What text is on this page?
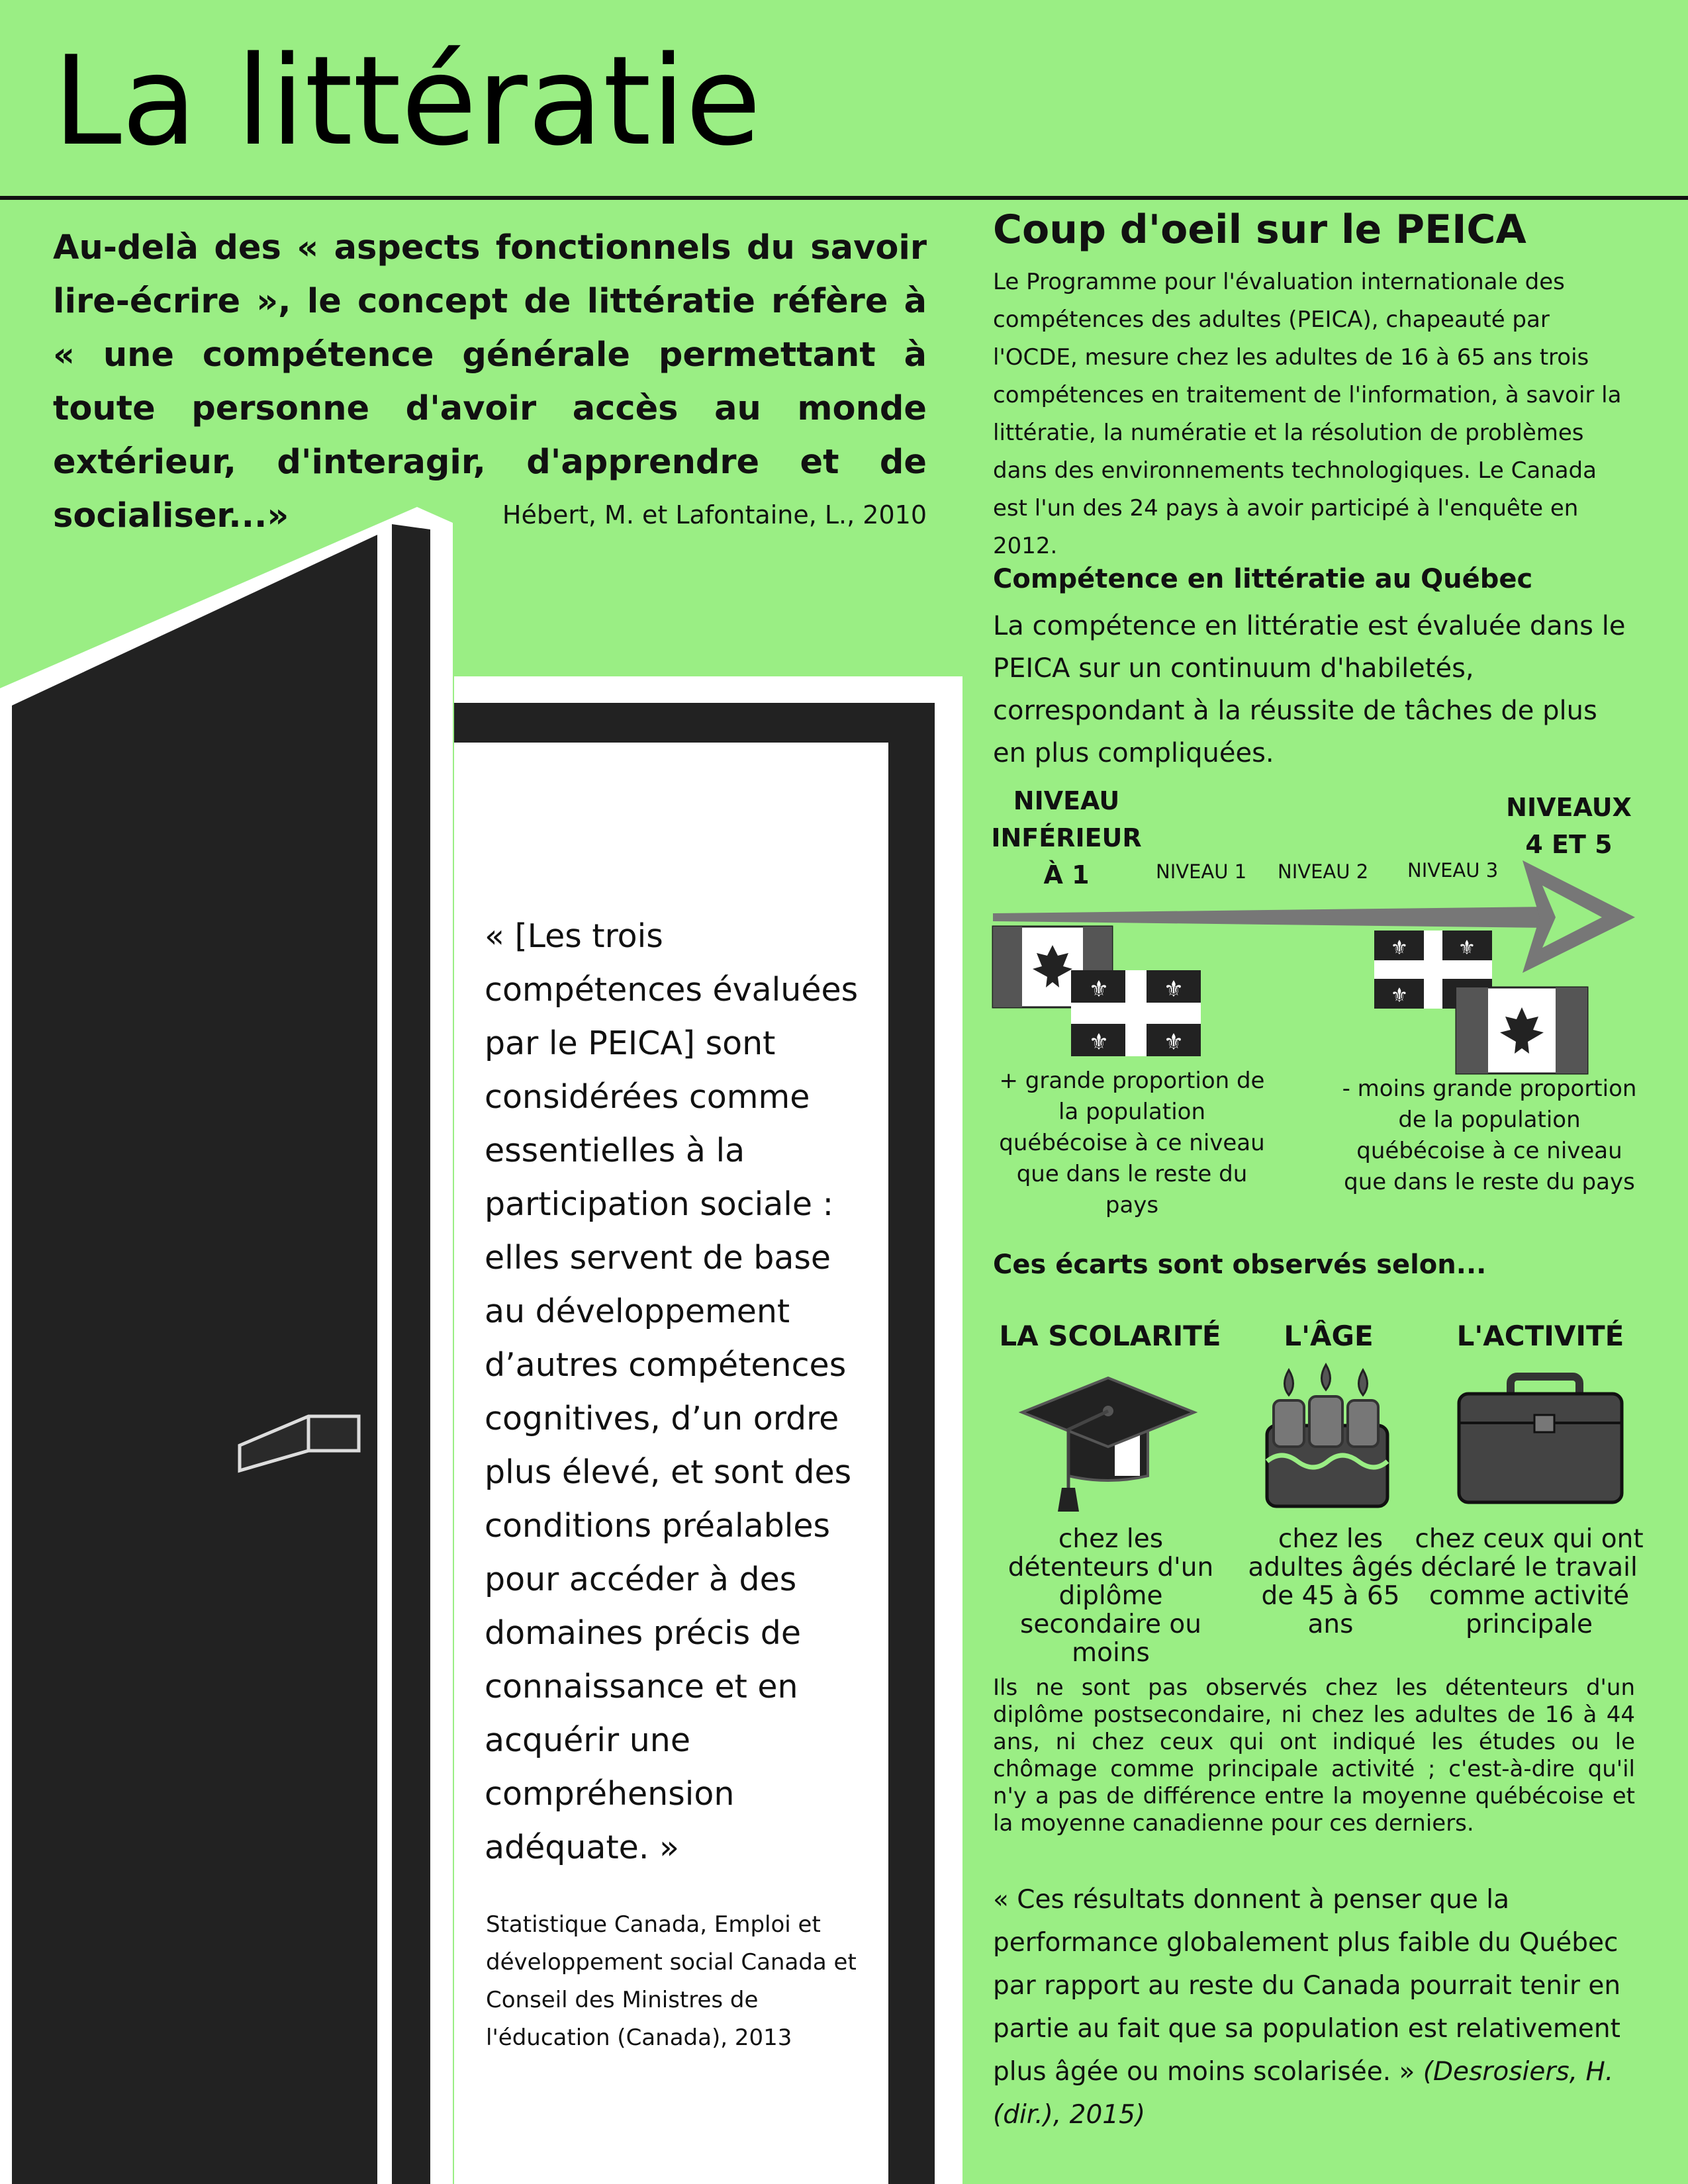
La littératie
Au-delà des « aspects fonctionnels du savoir lire-écrire », le concept de littératie réfère à « une compétence générale permettant à toute personne d'avoir accès au monde extérieur, d'interagir, d'apprendre et de socialiser...»	Hébert, M. et Lafontaine, L., 2010
« [Les trois compétences évaluées par le PEICA] sont considérées comme essentielles à la participation sociale : elles servent de base au développement d’autres compétences cognitives, d’un ordre plus élevé, et sont des conditions préalables pour accéder à des domaines précis de connaissance et en acquérir une compréhension adéquate. »
Statistique Canada, Emploi et développement social Canada et Conseil des Ministres de l'éducation (Canada), 2013
Coup d'oeil sur le PEICA
Le Programme pour l'évaluation internationale des compétences des adultes (PEICA), chapeauté par l'OCDE, mesure chez les adultes de 16 à 65 ans trois compétences en traitement de l'information, à savoir la littératie, la numératie et la résolution de problèmes dans des environnements technologiques. Le Canada est l'un des 24 pays à avoir participé à l'enquête en 2012.
Compétence en littératie au Québec
La compétence en littératie est évaluée dans le PEICA sur un continuum d'habiletés, correspondant à la réussite de tâches de plus en plus compliquées.
⚜ ⚜
⚜ ⚜
⚜	⚜
⚜
NIVEAU INFÉRIEUR À 1
NIVEAUX 4 ET 5
NIVEAU 1 NIVEAU 2 NIVEAU 3
+ grande proportion de la population québécoise à ce niveau que dans le reste du pays
- moins grande proportion de la population québécoise à ce niveau que dans le reste du pays
Ces écarts sont observés selon...
LA SCOLARITÉ	L'ÂGE	L'ACTIVITÉ
chez les détenteurs d'un diplôme secondaire ou moins
chez les adultes âgés de 45 à 65 ans
chez ceux qui ont déclaré le travail comme activité principale
Ils ne sont pas observés chez les détenteurs d'un diplôme postsecondaire, ni chez les adultes de 16 à 44 ans, ni chez ceux qui ont indiqué les études ou le chômage comme principale activité ; c'est-à-dire qu'il n'y a pas de différence entre la moyenne québécoise et la moyenne canadienne pour ces derniers.
« Ces résultats donnent à penser que la performance globalement plus faible du Québec par rapport au reste du Canada pourrait tenir en partie au fait que sa population est relativement plus âgée ou moins scolarisée. » (Desrosiers, H. (dir.), 2015)
